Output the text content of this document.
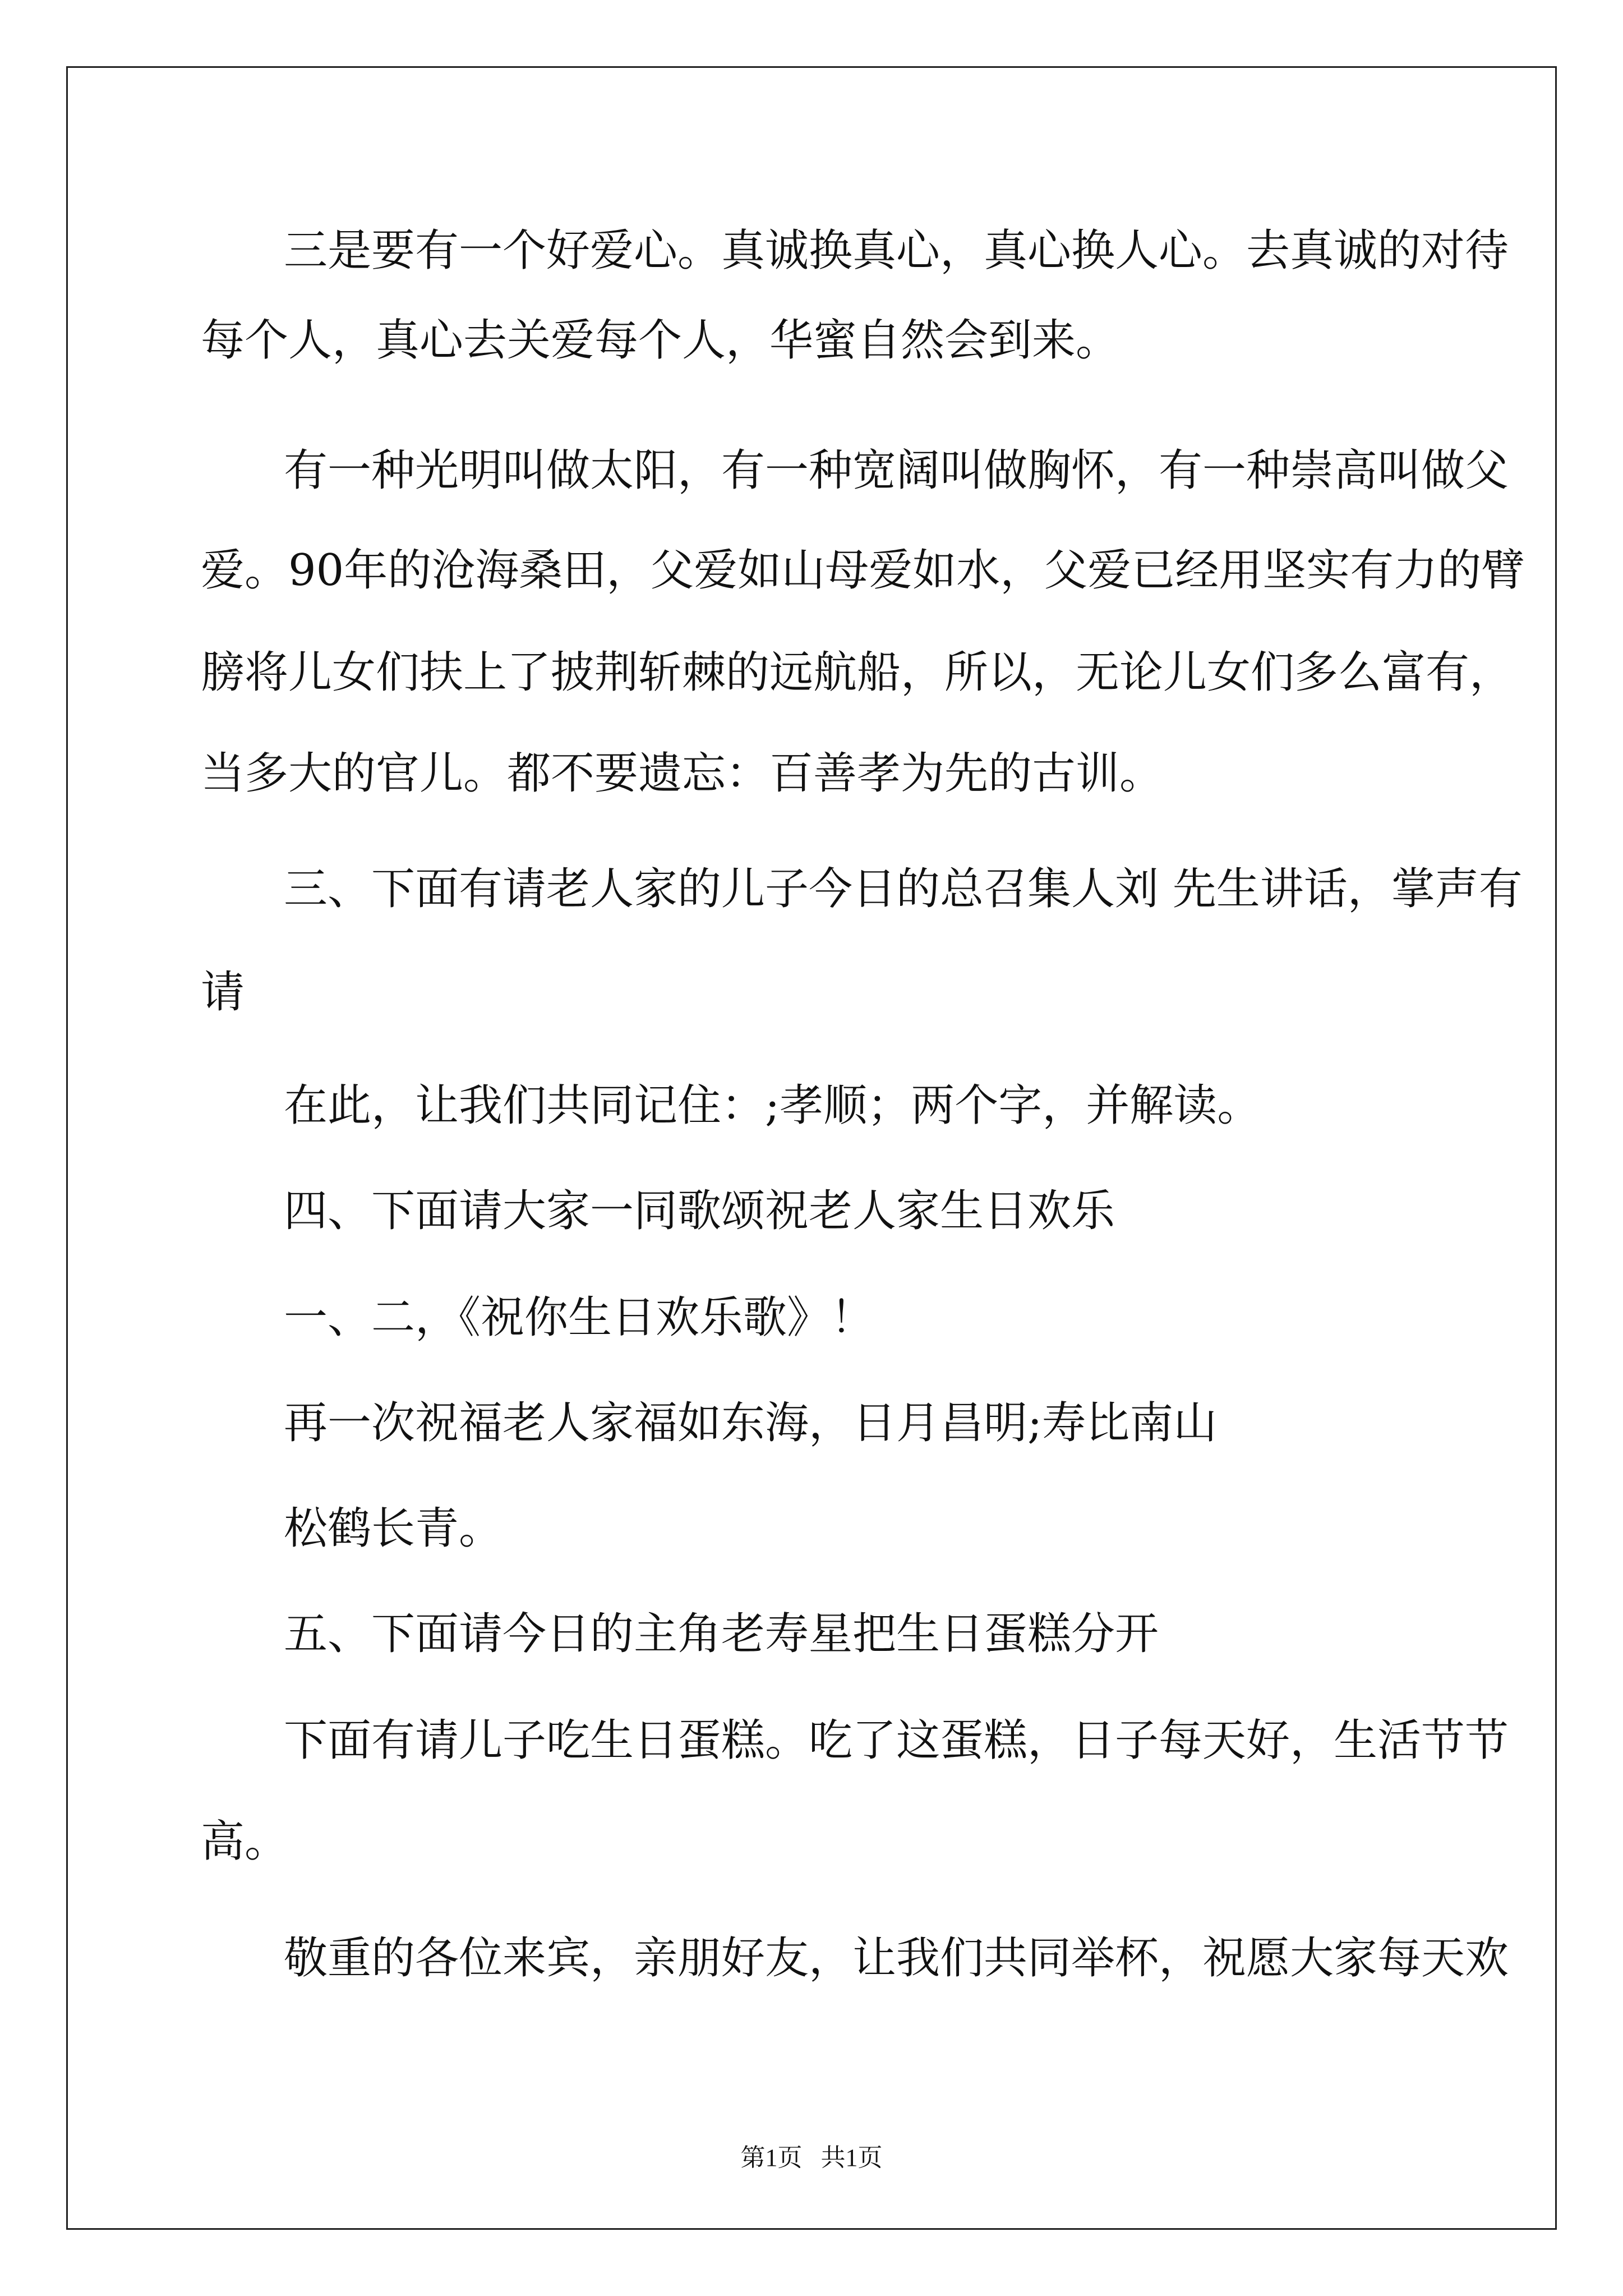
三是要有一个好爱心。真诚换真心，真心换人心。去真诚的对待
每个人，真心去关爱每个人，华蜜自然会到来。
有一种光明叫做太阳，有一种宽阔叫做胸怀，有一种崇高叫做父
爱。90年的沧海桑田，父爱如山母爱如水，父爱已经用坚实有力的臂
膀将儿女们扶上了披荆斩棘的远航船，所以，无论儿女们多么富有，
当多大的官儿。都不要遗忘：百善孝为先的古训。
三、下面有请老人家的儿子今日的总召集人刘 先生讲话，掌声有
请
在此，让我们共同记住：;孝顺；两个字，并解读。
四、下面请大家一同歌颂祝老人家生日欢乐
一、二，《祝你生日欢乐歌》！
再一次祝福老人家福如东海，日月昌明;寿比南山
松鹤长青。
五、下面请今日的主角老寿星把生日蛋糕分开
下面有请儿子吃生日蛋糕。吃了这蛋糕，日子每天好，生活节节
高。
敬重的各位来宾，亲朋好友，让我们共同举杯，祝愿大家每天欢
第1页 共1页
